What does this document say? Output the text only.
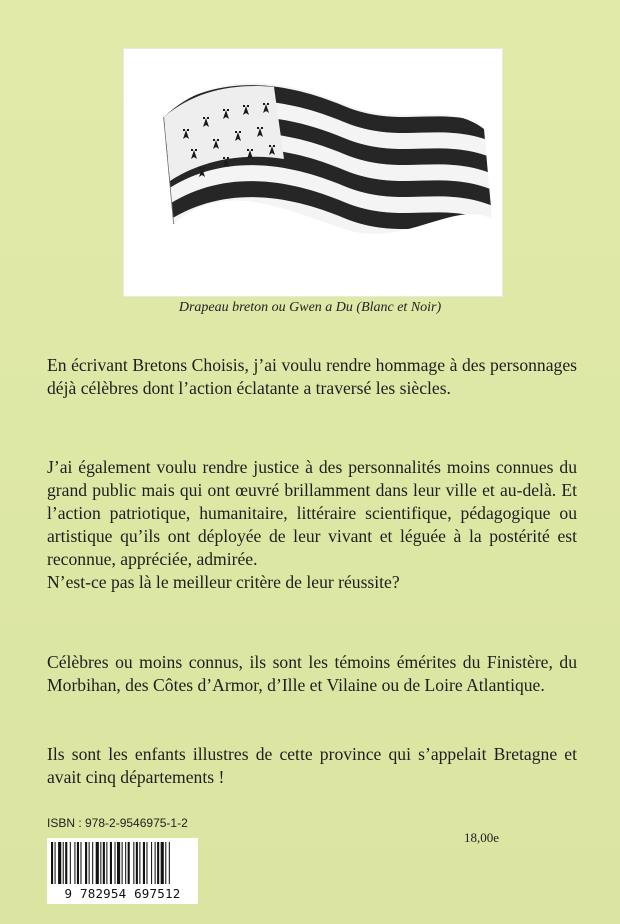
Drapeau breton ou Gwen a Du (Blanc et Noir)

En écrivant Bretons Choisis, j’ai voulu rendre hommage à des personnages déjà célèbres dont l’action éclatante a traversé les siècles.

J’ai également voulu rendre justice à des personnalités moins connues du grand public mais qui ont œuvré brillamment dans leur ville et au-delà. Et l’action patriotique, humanitaire, littéraire scientifique, pédagogique ou artistique qu’ils ont déployée de leur vivant et léguée à la postérité est reconnue, appréciée, admirée.

N’est-ce pas là le meilleur critère de leur réussite?

Célèbres ou moins connus, ils sont les témoins émérites du Finistère, du Morbihan, des Côtes d’Armor, d’Ille et Vilaine ou de Loire Atlantique.

Ils sont les enfants illustres de cette province qui s’appelait Bretagne et avait cinq départements !

ISBN : 978-2-9546975-1-2
18,00e
9 782954 697512
